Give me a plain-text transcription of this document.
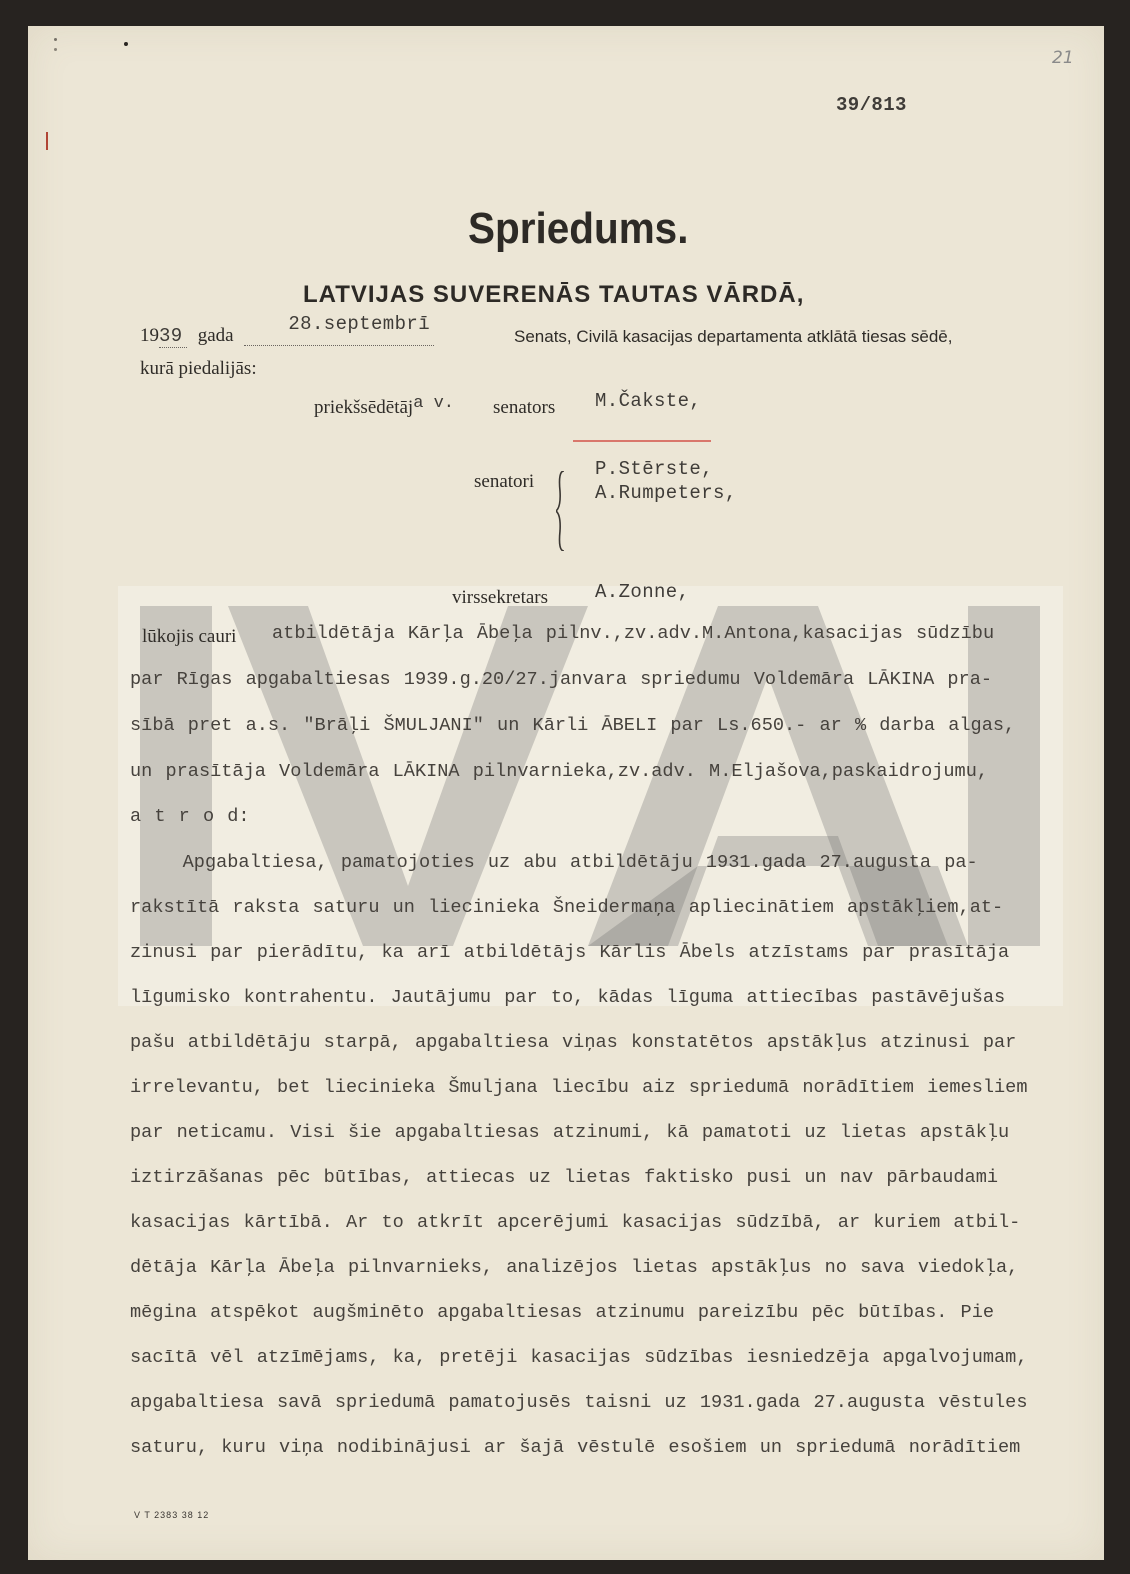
21
39/813
Spriedums.
LATVIJAS SUVERENĀS TAUTAS VĀRDĀ,
1939 gada
28.septembrī

Senats, Civilā kasacijas departamenta atklātā tiesas sēdē,
kurā piedalijās:
priekšsēdētāja v. senators M.Čakste,
senatori
P.Stērste,
A.Rumpeters,
virssekretars A.Zonne,
lūkojis cauri atbildētāja Kārļa Ābeļa pilnv.,zv.adv.M.Antona,kasacijas sūdzību
par Rīgas apgabaltiesas 1939.g.20/27.janvara spriedumu Voldemāra LĀKINA pra-
sībā pret a.s. "Brāļi ŠMULJANI" un Kārli ĀBELI par Ls.650.- ar % darba algas,
un prasītāja Voldemāra LĀKINA pilnvarnieka,zv.adv. M.Eljašova,paskaidrojumu,
a t r o d:
Apgabaltiesa, pamatojoties uz abu atbildētāju 1931.gada 27.augusta pa-
rakstītā raksta saturu un liecinieka Šneidermaņa apliecinātiem apstākļiem,at-
zinusi par pierādītu, ka arī atbildētājs Kārlis Ābels atzīstams par prasītāja
līgumisko kontrahentu. Jautājumu par to, kādas līguma attiecības pastāvējušas
pašu atbildētāju starpā, apgabaltiesa viņas konstatētos apstākļus atzinusi par
irrelevantu, bet liecinieka Šmuljana liecību aiz spriedumā norādītiem iemesliem
par neticamu. Visi šie apgabaltiesas atzinumi, kā pamatoti uz lietas apstākļu
iztirzāšanas pēc būtības, attiecas uz lietas faktisko pusi un nav pārbaudami
kasacijas kārtībā. Ar to atkrīt apcerējumi kasacijas sūdzībā, ar kuriem atbil-
dētāja Kārļa Ābeļa pilnvarnieks, analizējos lietas apstākļus no sava viedokļa,
mēgina atspēkot augšminēto apgabaltiesas atzinumu pareizību pēc būtības. Pie
sacītā vēl atzīmējams, ka, pretēji kasacijas sūdzības iesniedzēja apgalvojumam,
apgabaltiesa savā spriedumā pamatojusēs taisni uz 1931.gada 27.augusta vēstules
saturu, kuru viņa nodibinājusi ar šajā vēstulē esošiem un spriedumā norādītiem
V T 2383 38 12
